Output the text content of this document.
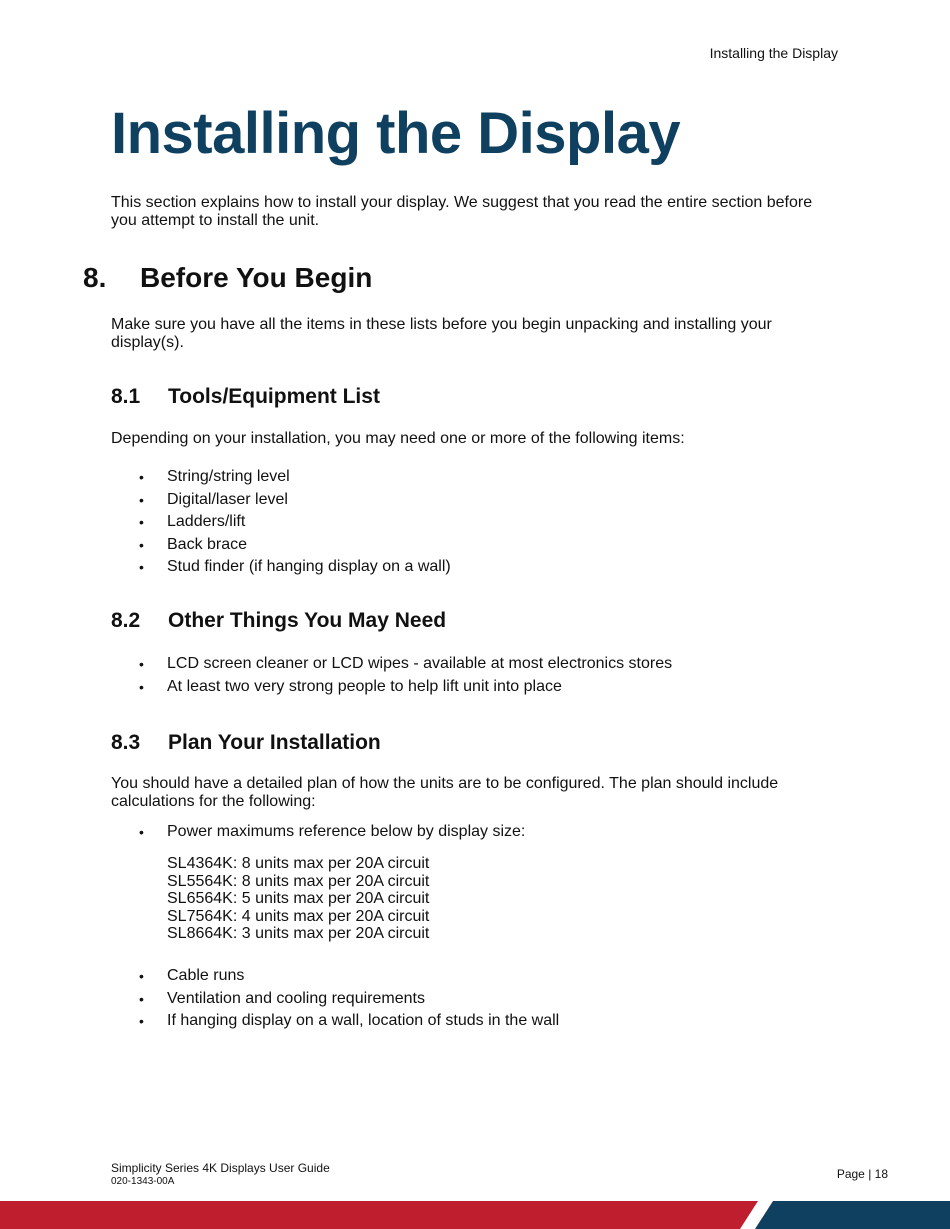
Installing the Display
Installing the Display

This section explains how to install your display. We suggest that you read the entire section before you attempt to install the unit.

8. Before You Begin

Make sure you have all the items in these lists before you begin unpacking and installing your display(s).

8.1 Tools/Equipment List

Depending on your installation, you may need one or more of the following items:

• String/string level
• Digital/laser level
• Ladders/lift
• Back brace
• Stud finder (if hanging display on a wall)
8.2 Other Things You May Need
• LCD screen cleaner or LCD wipes - available at most electronics stores
• At least two very strong people to help lift unit into place
8.3 Plan Your Installation

You should have a detailed plan of how the units are to be configured. The plan should include calculations for the following:

• Power maximums reference below by display size:
SL4364K: 8 units max per 20A circuit
SL5564K: 8 units max per 20A circuit
SL6564K: 5 units max per 20A circuit
SL7564K: 4 units max per 20A circuit
SL8664K: 3 units max per 20A circuit
• Cable runs
• Ventilation and cooling requirements
• If hanging display on a wall, location of studs in the wall
Simplicity Series 4K Displays User Guide
020-1343-00A
Page | 18
